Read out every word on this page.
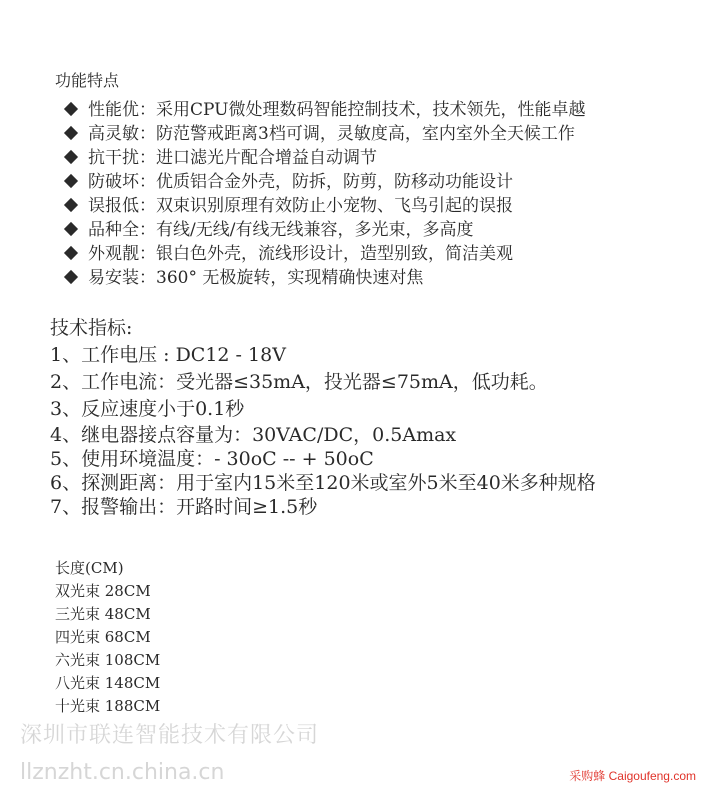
功能特点
性能优：采用CPU微处理数码智能控制技术，技术领先，性能卓越
高灵敏：防范警戒距离3档可调，灵敏度高，室内室外全天候工作
抗干扰：进口滤光片配合增益自动调节
防破坏：优质铝合金外壳，防拆，防剪，防移动功能设计
误报低：双束识别原理有效防止小宠物、飞鸟引起的误报
品种全：有线/无线/有线无线兼容，多光束，多高度
外观靓：银白色外壳，流线形设计，造型别致，简洁美观
易安装：360° 无极旋转，实现精确快速对焦
技术指标:
1、工作电压 : DC12 - 18V
2、工作电流：受光器≤35mA，投光器≤75mA，低功耗。
3、反应速度小于0.1秒
4、继电器接点容量为：30VAC/DC，0.5Amax
5、使用环境温度：- 30oC -- + 50oC
6、探测距离：用于室内15米至120米或室外5米至40米多种规格
7、报警输出：开路时间≥1.5秒
长度(CM)
双光束 28CM
三光束 48CM
四光束 68CM
六光束 108CM
八光束 148CM
十光束 188CM
深圳市联连智能技术有限公司
llznzht.cn.china.cn	采购蜂 Caigoufeng.com
